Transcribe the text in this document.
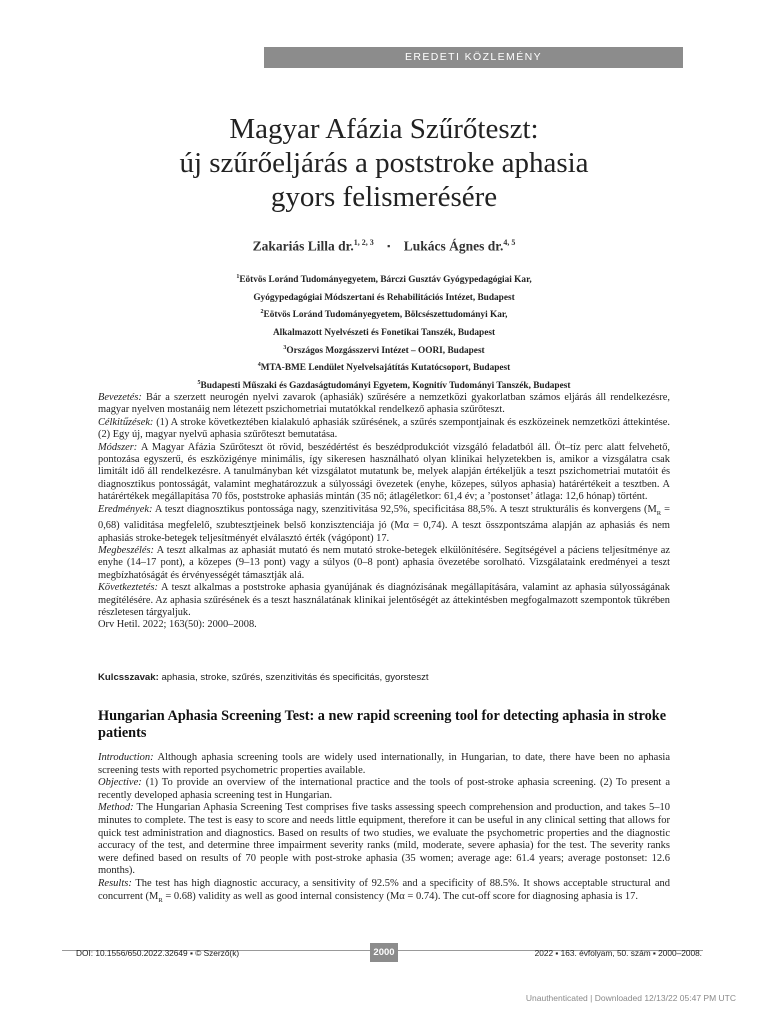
EREDETI KÖZLEMÉNY
Magyar Afázia Szűrőteszt:
új szűrőeljárás a poststroke aphasia
gyors felismerésére
Zakariás Lilla dr.$^{1, 2, 3}$ ▪ Lukács Ágnes dr.$^{4, 5}$
$^1$Eötvös Loránd Tudományegyetem, Bárczi Gusztáv Gyógypedagógiai Kar,
Gyógypedagógiai Módszertani és Rehabilitációs Intézet, Budapest
$^2$Eötvös Loránd Tudományegyetem, Bölcsészettudományi Kar,
Alkalmazott Nyelvészeti és Fonetikai Tanszék, Budapest
$^3$Országos Mozgásszervi Intézet – OORI, Budapest
$^4$MTA-BME Lendület Nyelvelsajátítás Kutatócsoport, Budapest
$^5$Budapesti Műszaki és Gazdaságtudományi Egyetem, Kognitív Tudományi Tanszék, Budapest

Bevezetés: Bár a szerzett neurogén nyelvi zavarok (aphasiák) szűrésére a nemzetközi gyakorlatban számos eljárás áll rendelkezésre, magyar nyelven mostanáig nem létezett pszichometriai mutatókkal rendelkező aphasia szűrőteszt.

Célkitűzések: (1) A stroke következtében kialakuló aphasiák szűrésének, a szűrés szempontjainak és eszközeinek nemzetközi áttekintése. (2) Egy új, magyar nyelvű aphasia szűrőteszt bemutatása.

Módszer: A Magyar Afázia Szűrőteszt öt rövid, beszédértést és beszédprodukciót vizsgáló feladatból áll. Öt–tíz perc alatt felvehető, pontozása egyszerű, és eszközigénye minimális, így sikeresen használható olyan klinikai helyzetekben is, amikor a vizsgálatra csak limitált idő áll rendelkezésre. A tanulmányban két vizsgálatot mutatunk be, melyek alapján értékeljük a teszt pszichometriai mutatóit és diagnosztikus pontosságát, valamint meghatározzuk a súlyossági övezetek (enyhe, közepes, súlyos aphasia) határértékeit a tesztben. A határértékek megállapítása 70 fős, poststroke aphasiás mintán (35 nő; átlagéletkor: 61,4 év; a ’postonset’ átlaga: 12,6 hónap) történt.

Eredmények: A teszt diagnosztikus pontossága nagy, szenzitivitása 92,5%, specificitása 88,5%. A teszt strukturális és konvergens $(M_R = 0,68)$ validitása megfelelő, szubtesztjeinek belső konzisztenciája jó (Mα = 0,74). A teszt összpontszáma alapján az aphasiás és nem aphasiás stroke-betegek teljesítményét elválasztó érték (vágópont) 17.

Megbeszélés: A teszt alkalmas az aphasiát mutató és nem mutató stroke-betegek elkülönítésére. Segítségével a páciens teljesítménye az enyhe (14–17 pont), a közepes (9–13 pont) vagy a súlyos (0–8 pont) aphasia övezetébe sorolható. Vizsgálataink eredményei a teszt megbízhatóságát és érvényességét támasztják alá.

Következtetés: A teszt alkalmas a poststroke aphasia gyanújának és diagnózisának megállapítására, valamint az aphasia súlyosságának megítélésére. Az aphasia szűrésének és a teszt használatának klinikai jelentőségét az áttekintésben megfogalmazott szempontok tükrében részletesen tárgyaljuk.

Orv Hetil. 2022; 163(50): 2000–2008.

Kulcsszavak: aphasia, stroke, szűrés, szenzitivitás és specificitás, gyorsteszt
Hungarian Aphasia Screening Test: a new rapid screening tool for detecting aphasia in stroke patients

Introduction: Although aphasia screening tools are widely used internationally, in Hungarian, to date, there have been no aphasia screening tests with reported psychometric properties available.

Objective: (1) To provide an overview of the international practice and the tools of post-stroke aphasia screening. (2) To present a recently developed aphasia screening test in Hungarian.

Method: The Hungarian Aphasia Screening Test comprises five tasks assessing speech comprehension and production, and takes 5–10 minutes to complete. The test is easy to score and needs little equipment, therefore it can be useful in any clinical setting that allows for quick test administration and diagnostics. Based on results of two studies, we evaluate the psychometric properties and the diagnostic accuracy of the test, and determine three impairment severity ranks (mild, moderate, severe aphasia) for the test. The severity ranks were defined based on results of 70 people with post-stroke aphasia (35 women; average age: 61.4 years; average postonset: 12.6 months).

Results: The test has high diagnostic accuracy, a sensitivity of 92.5% and a specificity of 88.5%. It shows acceptable structural and concurrent $(M_R = 0.68)$ validity as well as good internal consistency (Mα = 0.74). The cut-off score for diagnosing aphasia is 17.

DOI: 10.1556/650.2022.32649 ▪ © Szerző(k)	2000	2022 ▪ 163. évfolyam, 50. szám ▪ 2000–2008.
Unauthenticated | Downloaded 12/13/22 05:47 PM UTC
